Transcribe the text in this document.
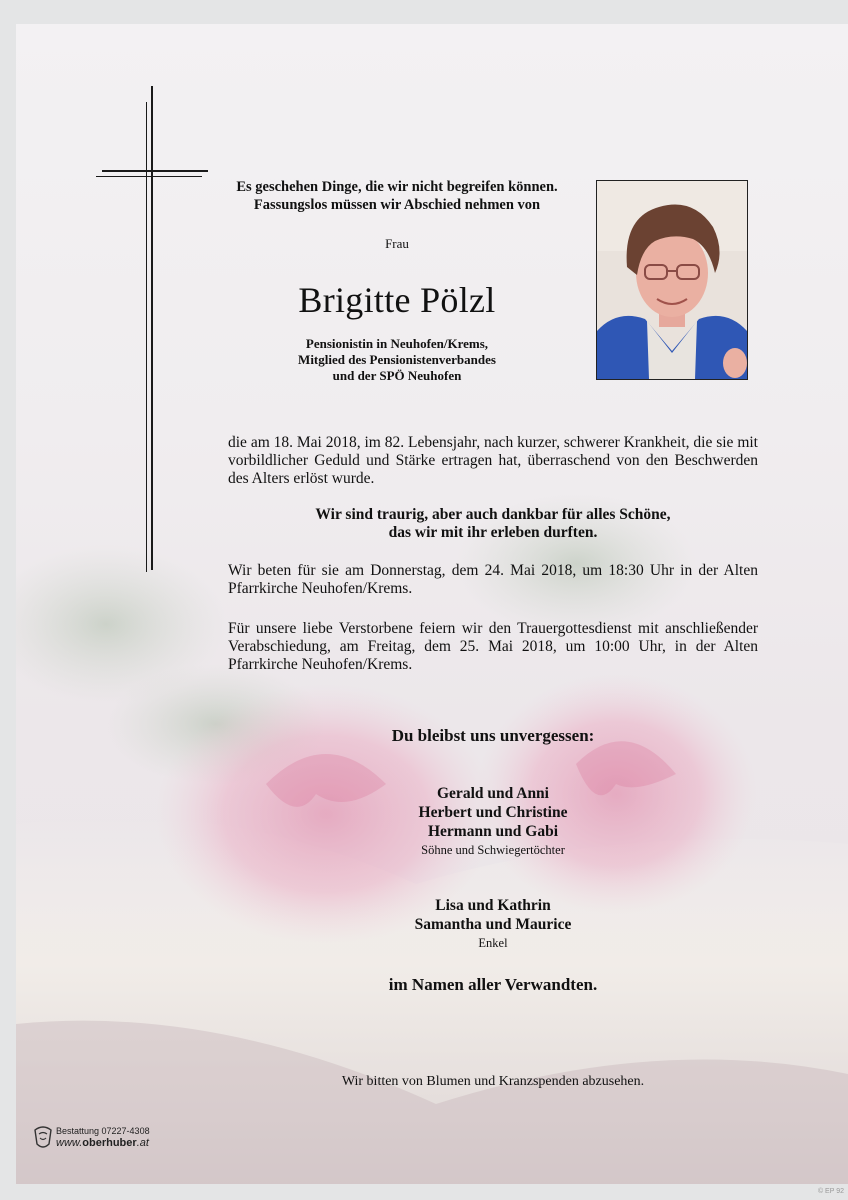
Es geschehen Dinge, die wir nicht begreifen können.
Fassungslos müssen wir Abschied nehmen von
Frau
Brigitte Pölzl
Pensionistin in Neuhofen/Krems,
Mitglied des Pensionistenverbandes
und der SPÖ Neuhofen
die am 18. Mai 2018, im 82. Lebensjahr, nach kurzer, schwerer Krankheit, die sie mit vorbildlicher Geduld und Stärke ertragen hat, überraschend von den Beschwerden des Alters erlöst wurde.
Wir sind traurig, aber auch dankbar für alles Schöne,
das wir mit ihr erleben durften.
Wir beten für sie am Donnerstag, dem 24. Mai 2018, um 18:30 Uhr in der Alten Pfarrkirche Neuhofen/Krems.
Für unsere liebe Verstorbene feiern wir den Trauergottesdienst mit anschließender Verabschiedung, am Freitag, dem 25. Mai 2018, um 10:00 Uhr, in der Alten Pfarrkirche Neuhofen/Krems.
Du bleibst uns unvergessen:
Gerald und Anni
Herbert und Christine
Hermann und Gabi
Söhne und Schwiegertöchter
Lisa und Kathrin
Samantha und Maurice
Enkel
im Namen aller Verwandten.
Wir bitten von Blumen und Kranzspenden abzusehen.
Bestattung 07227-4308
www.oberhuber.at
© EP 92
